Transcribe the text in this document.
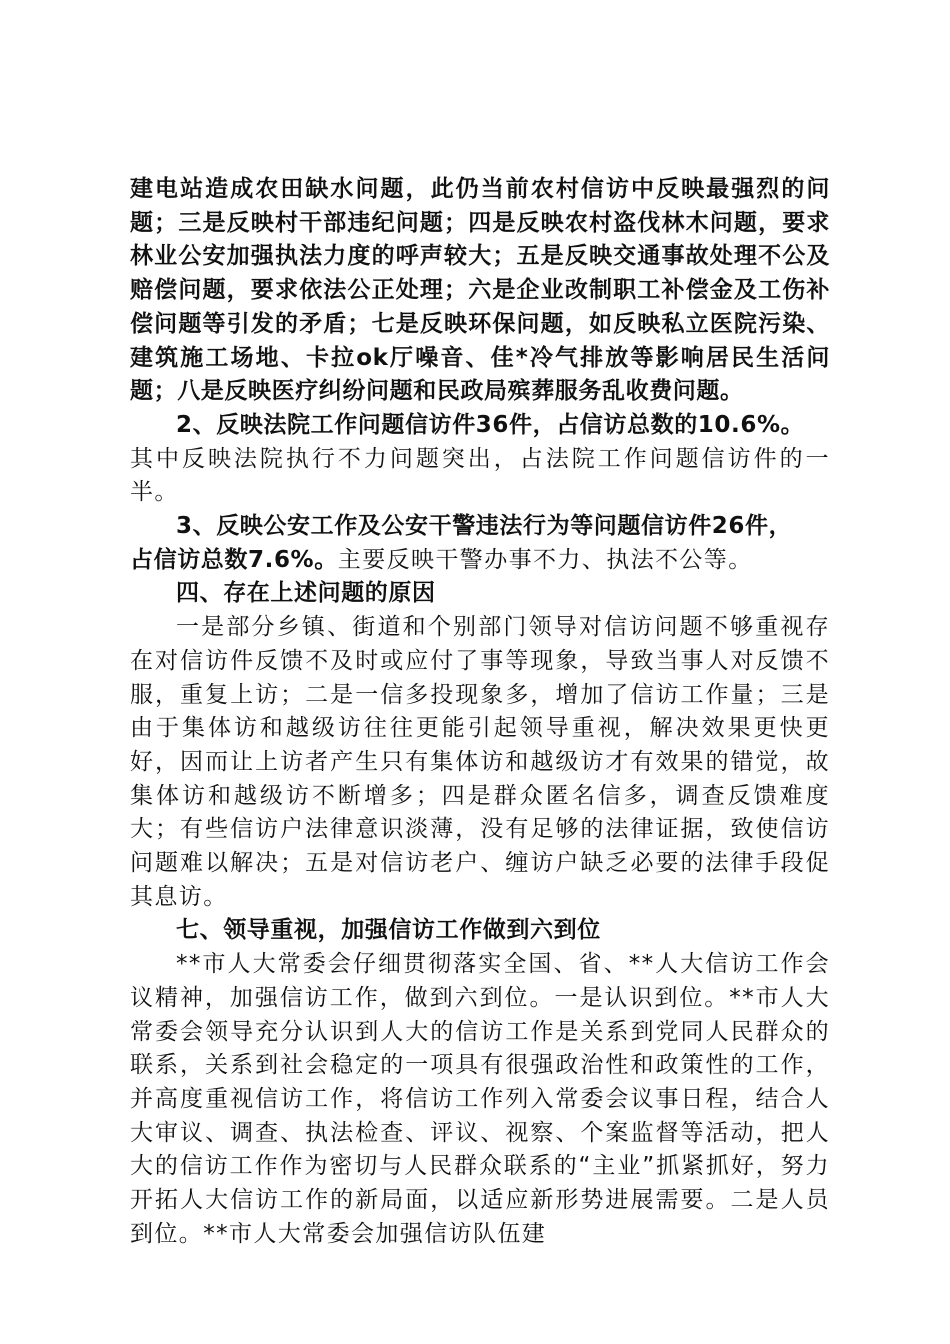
建电站造成农田缺水问题，此仍当前农村信访中反映最强烈的问题；三是反映村干部违纪问题；四是反映农村盗伐林木问题，要求林业公安加强执法力度的呼声较大；五是反映交通事故处理不公及赔偿问题，要求依法公正处理；六是企业改制职工补偿金及工伤补偿问题等引发的矛盾；七是反映环保问题，如反映私立医院污染、建筑施工场地、卡拉ok厅噪音、佳*冷气排放等影响居民生活问题；八是反映医疗纠纷问题和民政局殡葬服务乱收费问题。

2、反映法院工作问题信访件36件，占信访总数的10.6%。

其中反映法院执行不力问题突出，占法院工作问题信访件的一半。

3、反映公安工作及公安干警违法行为等问题信访件26件，

占信访总数7.6%。主要反映干警办事不力、执法不公等。

四、存在上述问题的原因

一是部分乡镇、街道和个别部门领导对信访问题不够重视存在对信访件反馈不及时或应付了事等现象，导致当事人对反馈不服，重复上访；二是一信多投现象多，增加了信访工作量；三是由于集体访和越级访往往更能引起领导重视，解决效果更快更好，因而让上访者产生只有集体访和越级访才有效果的错觉，故集体访和越级访不断增多；四是群众匿名信多，调查反馈难度大；有些信访户法律意识淡薄，没有足够的法律证据，致使信访问题难以解决；五是对信访老户、缠访户缺乏必要的法律手段促其息访。

七、领导重视，加强信访工作做到六到位

**市人大常委会仔细贯彻落实全国、省、**人大信访工作会议精神，加强信访工作，做到六到位。一是认识到位。**市人大常委会领导充分认识到人大的信访工作是关系到党同人民群众的联系，关系到社会稳定的一项具有很强政治性和政策性的工作，并高度重视信访工作，将信访工作列入常委会议事日程，结合人大审议、调查、执法检查、评议、视察、个案监督等活动，把人大的信访工作作为密切与人民群众联系的“主业”抓紧抓好，努力开拓人大信访工作的新局面，以适应新形势进展需要。二是人员到位。**市人大常委会加强信访队伍建
